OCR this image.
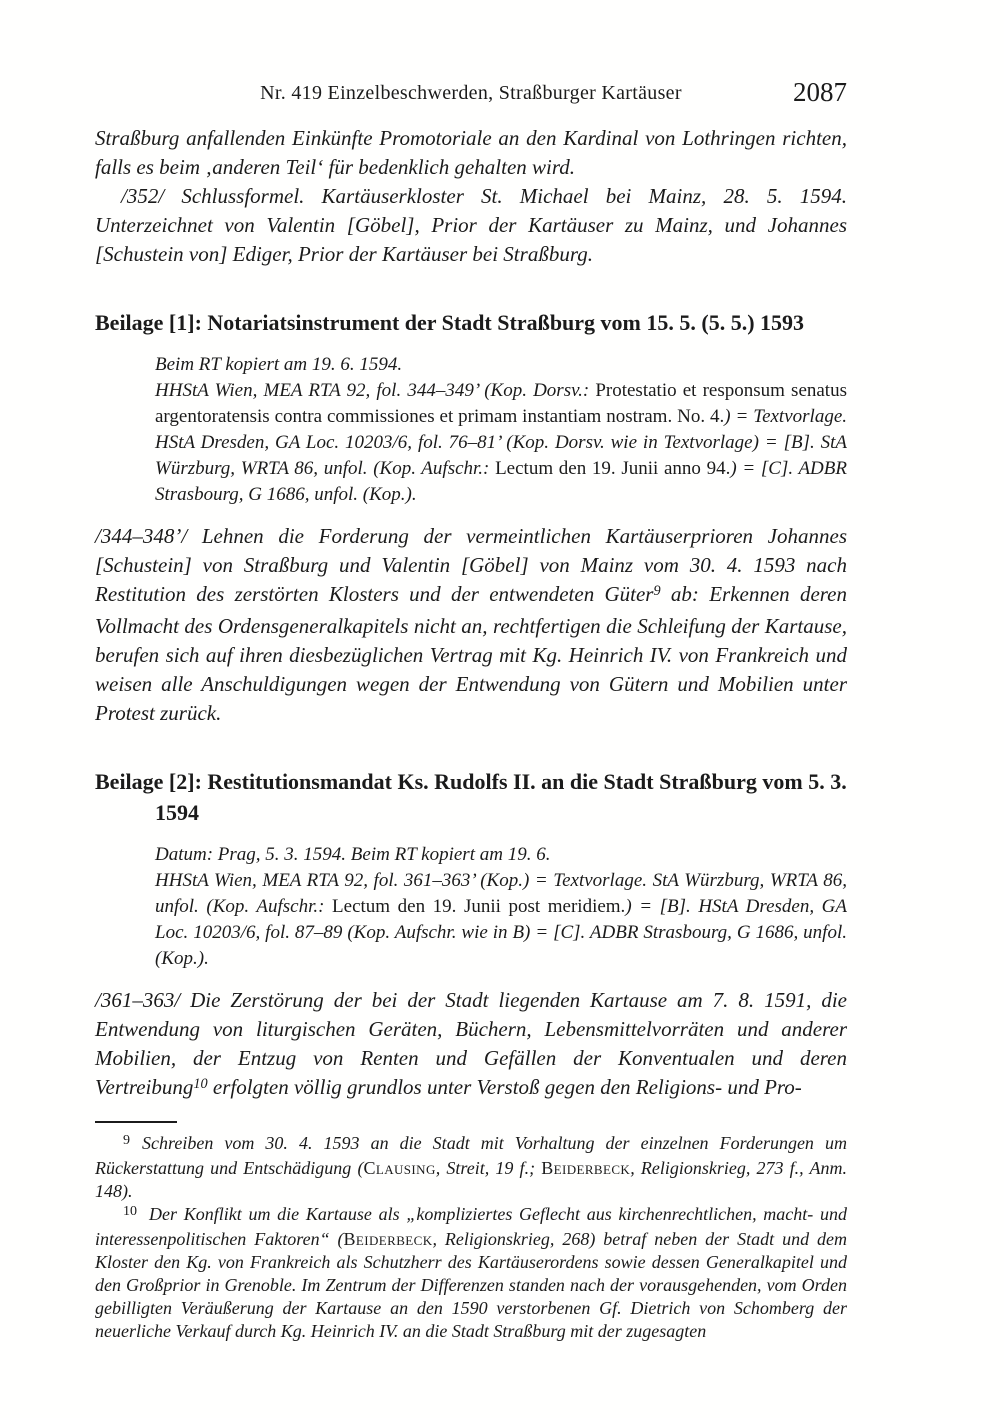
Nr. 419 Einzelbeschwerden, Straßburger Kartäuser	2087

Straßburg anfallenden Einkünfte Promotoriale an den Kardinal von Lothringen richten, falls es beim ‚anderen Teil‘ für bedenklich gehalten wird.

/352/ Schlussformel. Kartäuserkloster St. Michael bei Mainz, 28. 5. 1594. Unterzeichnet von Valentin [Göbel], Prior der Kartäuser zu Mainz, und Johannes [Schustein von] Ediger, Prior der Kartäuser bei Straßburg.

Beilage [1]: Notariatsinstrument der Stadt Straßburg vom 15. 5. (5. 5.) 1593

Beim RT kopiert am 19. 6. 1594.

HHStA Wien, MEA RTA 92, fol. 344–349’ (Kop. Dorsv.: Protestatio et responsum senatus argentoratensis contra commissiones et primam instantiam nostram. No. 4.) = Textvorlage. HStA Dresden, GA Loc. 10203/6, fol. 76–81’ (Kop. Dorsv. wie in Textvorlage) = [B]. StA Würzburg, WRTA 86, unfol. (Kop. Aufschr.: Lectum den 19. Junii anno 94.) = [C]. ADBR Strasbourg, G 1686, unfol. (Kop.).

/344–348’/ Lehnen die Forderung der vermeintlichen Kartäuserprioren Johannes [Schustein] von Straßburg und Valentin [Göbel] von Mainz vom 30. 4. 1593 nach Restitution des zerstörten Klosters und der entwendeten Güter$^9$ ab: Erkennen deren Vollmacht des Ordensgeneralkapitels nicht an, rechtfertigen die Schleifung der Kartause, berufen sich auf ihren diesbezüglichen Vertrag mit Kg. Heinrich IV. von Frankreich und weisen alle Anschuldigungen wegen der Entwendung von Gütern und Mobilien unter Protest zurück.

Beilage [2]: Restitutionsmandat Ks. Rudolfs II. an die Stadt Straßburg vom 5. 3. 1594

Datum: Prag, 5. 3. 1594. Beim RT kopiert am 19. 6.

HHStA Wien, MEA RTA 92, fol. 361–363’ (Kop.) = Textvorlage. StA Würzburg, WRTA 86, unfol. (Kop. Aufschr.: Lectum den 19. Junii post meridiem.) = [B]. HStA Dresden, GA Loc. 10203/6, fol. 87–89 (Kop. Aufschr. wie in B) = [C]. ADBR Strasbourg, G 1686, unfol. (Kop.).

/361–363/ Die Zerstörung der bei der Stadt liegenden Kartause am 7. 8. 1591, die Entwendung von liturgischen Geräten, Büchern, Lebensmittelvorräten und anderer Mobilien, der Entzug von Renten und Gefällen der Konventualen und deren Vertreibung$^{10}$ erfolgten völlig grundlos unter Verstoß gegen den Religions- und Pro-

$^9$ Schreiben vom 30. 4. 1593 an die Stadt mit Vorhaltung der einzelnen Forderungen um Rückerstattung und Entschädigung (Clausing, Streit, 19 f.; Beiderbeck, Religionskrieg, 273 f., Anm. 148).

$^{10}$ Der Konflikt um die Kartause als „kompliziertes Geflecht aus kirchenrechtlichen, macht- und interessenpolitischen Faktoren“ (Beiderbeck, Religionskrieg, 268) betraf neben der Stadt und dem Kloster den Kg. von Frankreich als Schutzherr des Kartäuserordens sowie dessen Generalkapitel und den Großprior in Grenoble. Im Zentrum der Differenzen standen nach der vorausgehenden, vom Orden gebilligten Veräußerung der Kartause an den 1590 verstorbenen Gf. Dietrich von Schomberg der neuerliche Verkauf durch Kg. Heinrich IV. an die Stadt Straßburg mit der zugesagten
